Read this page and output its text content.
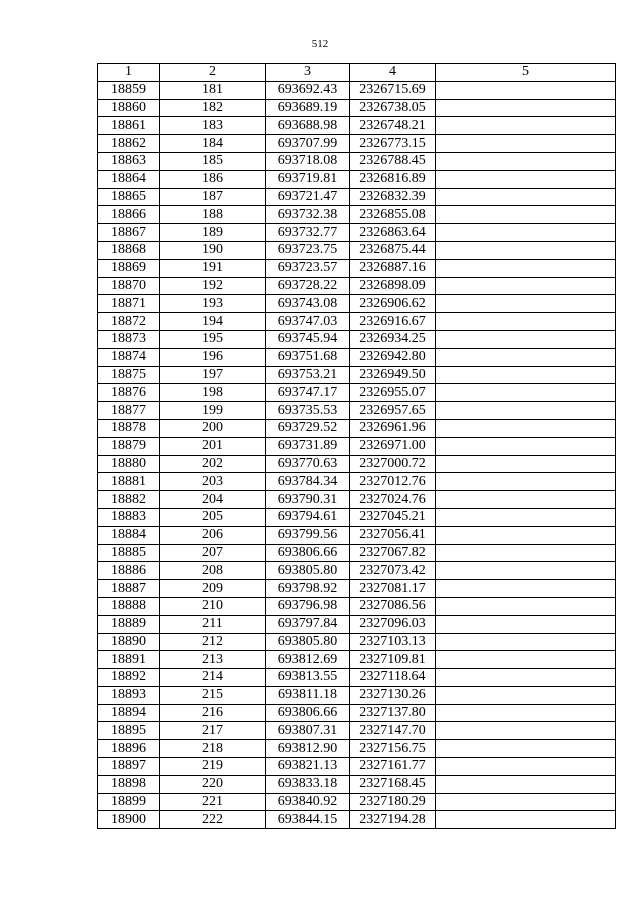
512
1	2	3	4	5
18859	181	693692.43	2326715.69	
18860	182	693689.19	2326738.05	
18861	183	693688.98	2326748.21	
18862	184	693707.99	2326773.15	
18863	185	693718.08	2326788.45	
18864	186	693719.81	2326816.89	
18865	187	693721.47	2326832.39	
18866	188	693732.38	2326855.08	
18867	189	693732.77	2326863.64	
18868	190	693723.75	2326875.44	
18869	191	693723.57	2326887.16	
18870	192	693728.22	2326898.09	
18871	193	693743.08	2326906.62	
18872	194	693747.03	2326916.67	
18873	195	693745.94	2326934.25	
18874	196	693751.68	2326942.80	
18875	197	693753.21	2326949.50	
18876	198	693747.17	2326955.07	
18877	199	693735.53	2326957.65	
18878	200	693729.52	2326961.96	
18879	201	693731.89	2326971.00	
18880	202	693770.63	2327000.72	
18881	203	693784.34	2327012.76	
18882	204	693790.31	2327024.76	
18883	205	693794.61	2327045.21	
18884	206	693799.56	2327056.41	
18885	207	693806.66	2327067.82	
18886	208	693805.80	2327073.42	
18887	209	693798.92	2327081.17	
18888	210	693796.98	2327086.56	
18889	211	693797.84	2327096.03	
18890	212	693805.80	2327103.13	
18891	213	693812.69	2327109.81	
18892	214	693813.55	2327118.64	
18893	215	693811.18	2327130.26	
18894	216	693806.66	2327137.80	
18895	217	693807.31	2327147.70	
18896	218	693812.90	2327156.75	
18897	219	693821.13	2327161.77	
18898	220	693833.18	2327168.45	
18899	221	693840.92	2327180.29	
18900	222	693844.15	2327194.28	
